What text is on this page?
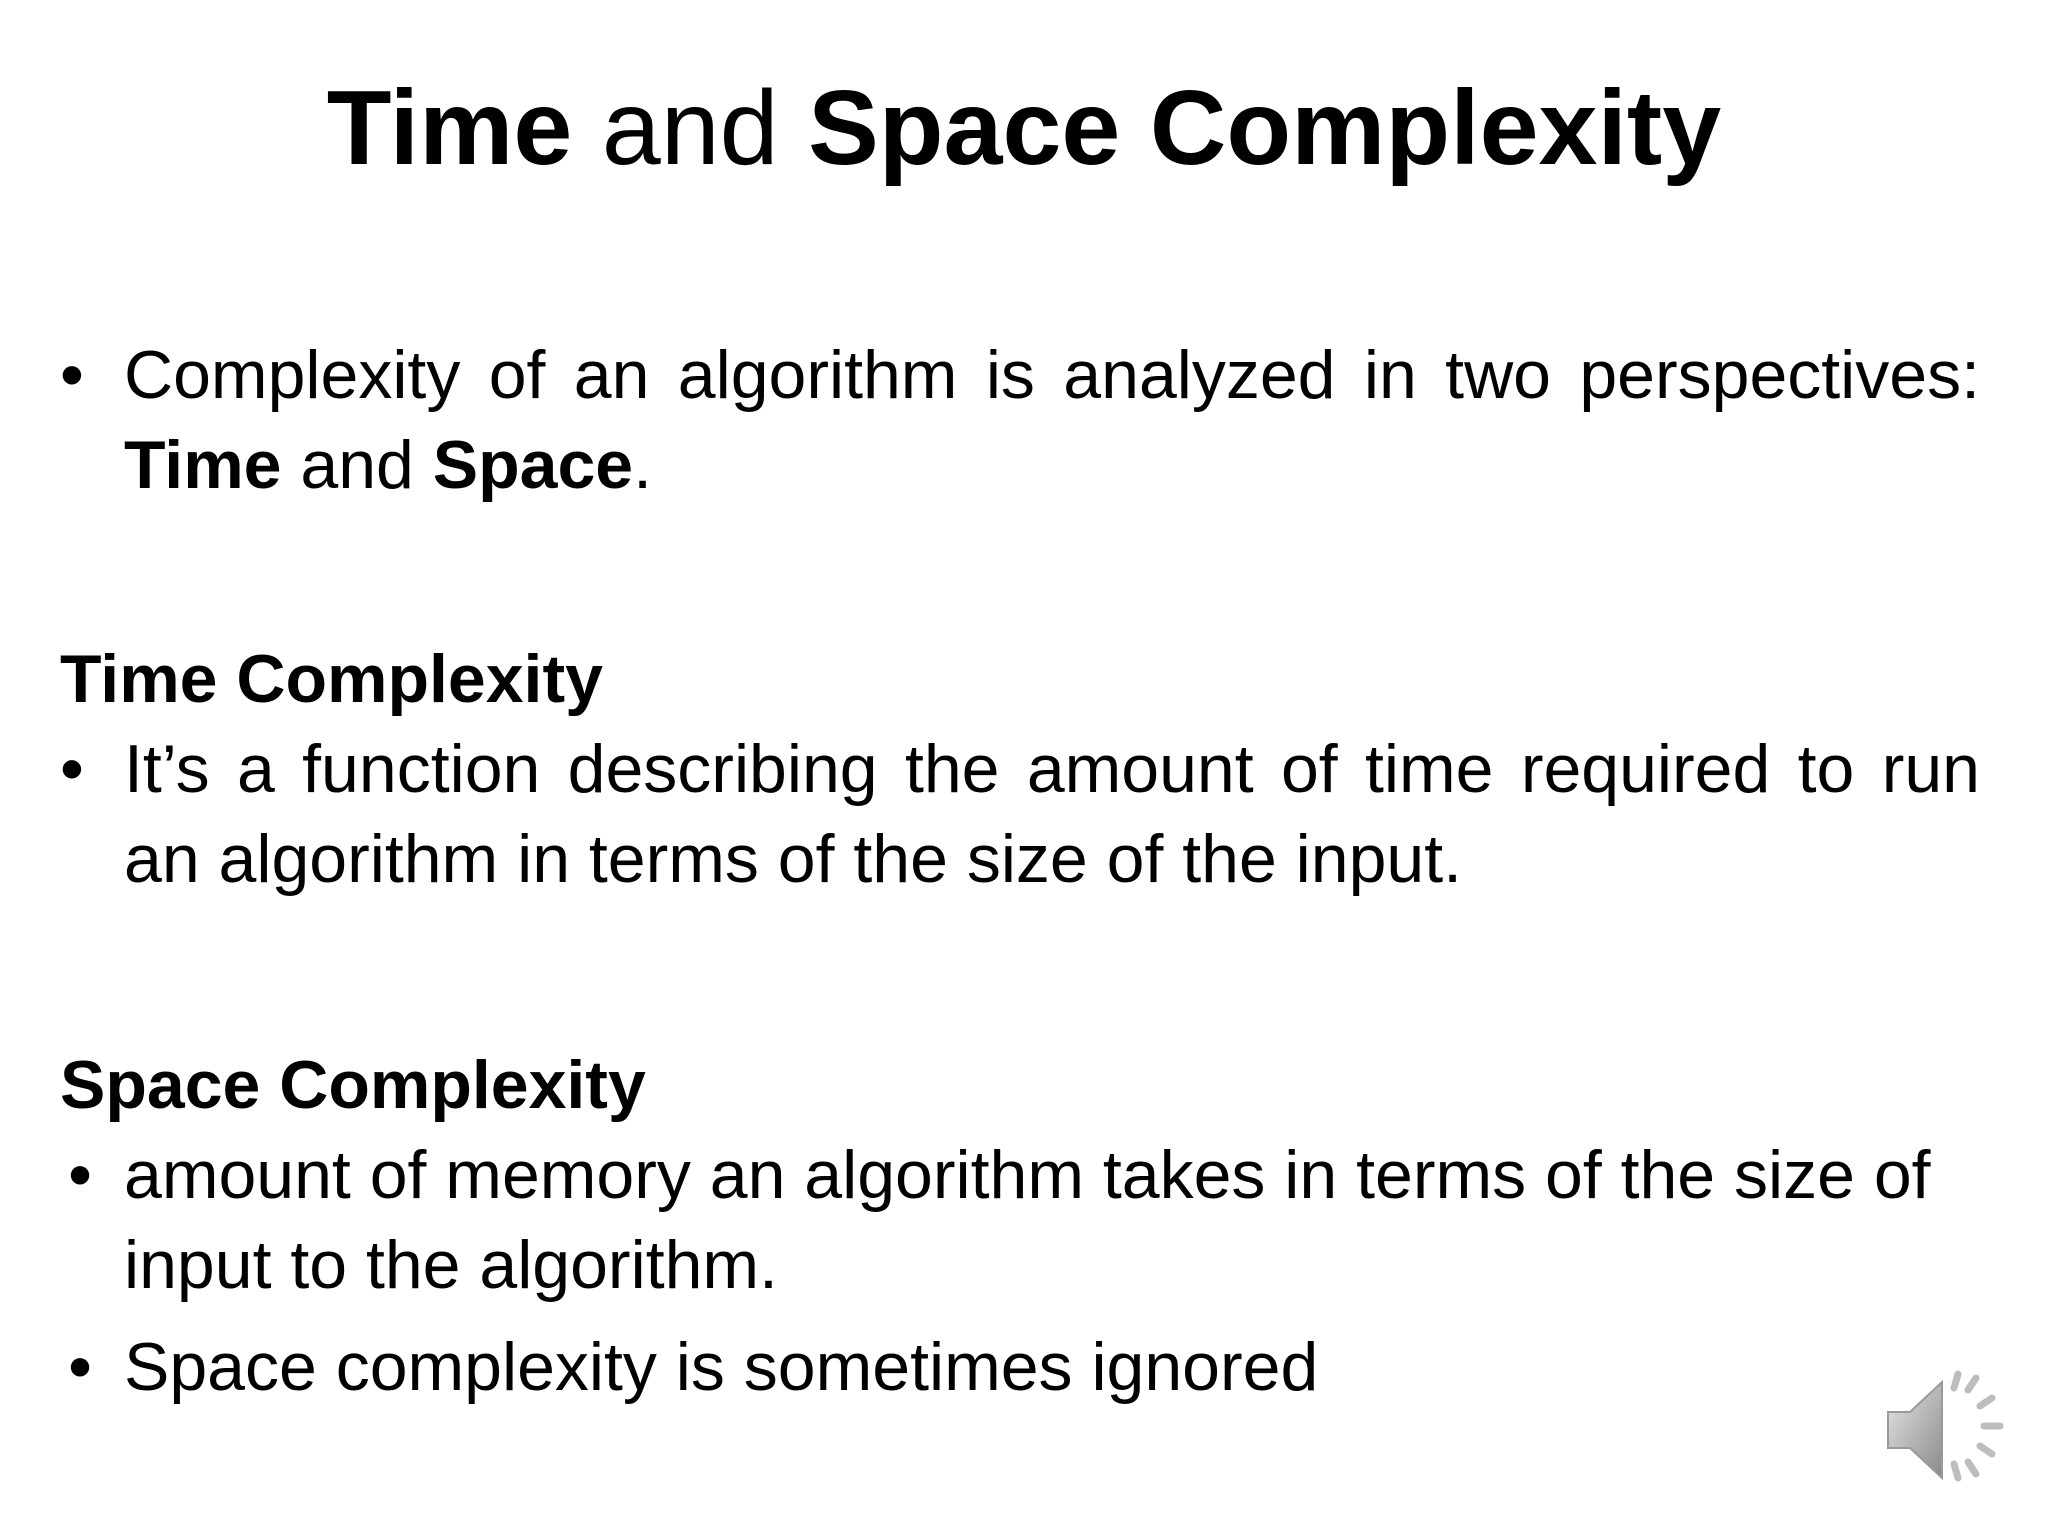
Time and Space Complexity
• Complexity of an algorithm is analyzed in two perspectives: Time and Space.
Time Complexity
• It’s a function describing the amount of time required to run an algorithm in terms of the size of the input.
Space Complexity
• amount of memory an algorithm takes in terms of the size of input to the algorithm.
• Space complexity is sometimes ignored
